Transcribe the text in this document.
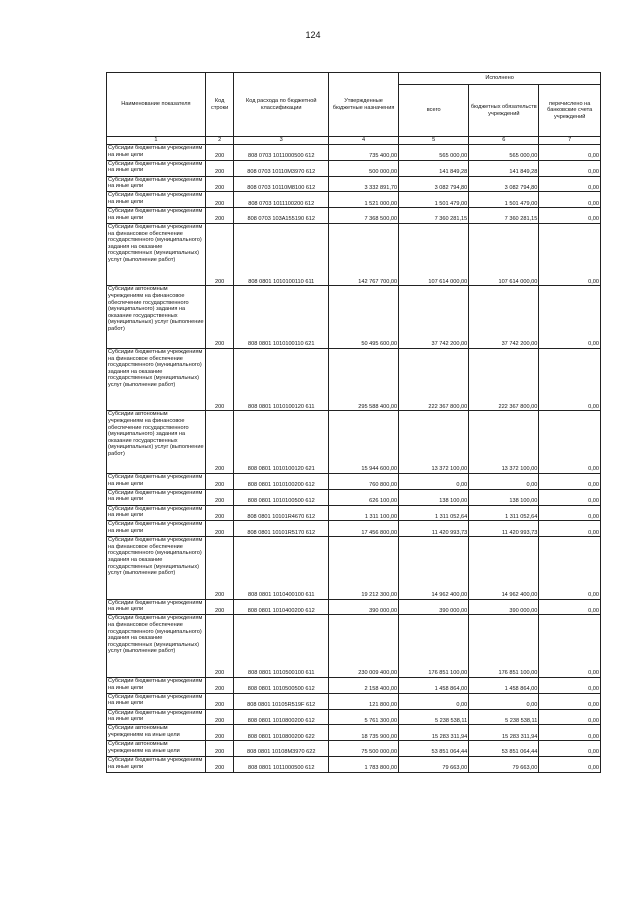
124
Наименование показателя	Код строки	Код расхода по бюджетной классификации	Утвержденные бюджетные назначения	Исполнено		
				всего	бюджетных обязательств учреждений	перечислено на банковские счета учреждений
1	2	3	4	5	6	7
Субсидии бюджетным учреждениям на иные цели	200	808 0703 1011000500 612	735 400,00	565 000,00	565 000,00	0,00
Субсидии бюджетным учреждениям на иные цели	200	808 0703 10110M3970 612	500 000,00	141 849,28	141 849,28	0,00
Субсидии бюджетным учреждениям на иные цели	200	808 0703 10110M8100 612	3 332 891,70	3 082 794,80	3 082 794,80	0,00
Субсидии бюджетным учреждениям на иные цели	200	808 0703 1011100200 612	1 521 000,00	1 501 479,00	1 501 479,00	0,00
Субсидии бюджетным учреждениям на иные цели	200	808 0703 103A155190 612	7 368 500,00	7 360 281,15	7 360 281,15	0,00
Субсидии бюджетным учреждениям на финансовое обеспечение государственного (муниципального) задания на оказание государственных (муниципальных) услуг (выполнение работ)	200	808 0801 1010100110 611	142 767 700,00	107 614 000,00	107 614 000,00	0,00
Субсидии автономным учреждениям на финансовое обеспечение государственного (муниципального) задания на оказание государственных (муниципальных) услуг (выполнение работ)	200	808 0801 1010100110 621	50 495 600,00	37 742 200,00	37 742 200,00	0,00
Субсидии бюджетным учреждениям на финансовое обеспечение государственного (муниципального) задания на оказание государственных (муниципальных) услуг (выполнение работ)	200	808 0801 1010100120 611	295 588 400,00	222 367 800,00	222 367 800,00	0,00
Субсидии автономным учреждениям на финансовое обеспечение государственного (муниципального) задания на оказание государственных (муниципальных) услуг (выполнение работ)	200	808 0801 1010100120 621	15 944 600,00	13 372 100,00	13 372 100,00	0,00
Субсидии бюджетным учреждениям на иные цели	200	808 0801 1010100200 612	760 800,00	0,00	0,00	0,00
Субсидии бюджетным учреждениям на иные цели	200	808 0801 1010100500 612	626 100,00	138 100,00	138 100,00	0,00
Субсидии бюджетным учреждениям на иные цели	200	808 0801 10101R4670 612	1 311 100,00	1 311 052,64	1 311 052,64	0,00
Субсидии бюджетным учреждениям на иные цели	200	808 0801 10101R5170 612	17 456 800,00	11 420 993,73	11 420 993,73	0,00
Субсидии бюджетным учреждениям на финансовое обеспечение государственного (муниципального) задания на оказание государственных (муниципальных) услуг (выполнение работ)	200	808 0801 1010400100 611	19 212 300,00	14 962 400,00	14 962 400,00	0,00
Субсидии бюджетным учреждениям на иные цели	200	808 0801 1010400200 612	390 000,00	390 000,00	390 000,00	0,00
Субсидии бюджетным учреждениям на финансовое обеспечение государственного (муниципального) задания на оказание государственных (муниципальных) услуг (выполнение работ)	200	808 0801 1010500100 611	230 009 400,00	176 851 100,00	176 851 100,00	0,00
Субсидии бюджетным учреждениям на иные цели	200	808 0801 1010500500 612	2 158 400,00	1 458 864,00	1 458 864,00	0,00
Субсидии бюджетным учреждениям на иные цели	200	808 0801 10105R519F 612	121 800,00	0,00	0,00	0,00
Субсидии бюджетным учреждениям на иные цели	200	808 0801 1010800200 612	5 761 300,00	5 238 538,11	5 238 538,11	0,00
Субсидии автономным учреждениям на иные цели	200	808 0801 1010800200 622	18 735 900,00	15 283 311,94	15 283 311,94	0,00
Субсидии автономным учреждениям на иные цели	200	808 0801 10108M3970 622	75 500 000,00	53 851 064,44	53 851 064,44	0,00
Субсидии бюджетным учреждениям на иные цели	200	808 0801 1011000500 612	1 783 800,00	79 663,00	79 663,00	0,00
